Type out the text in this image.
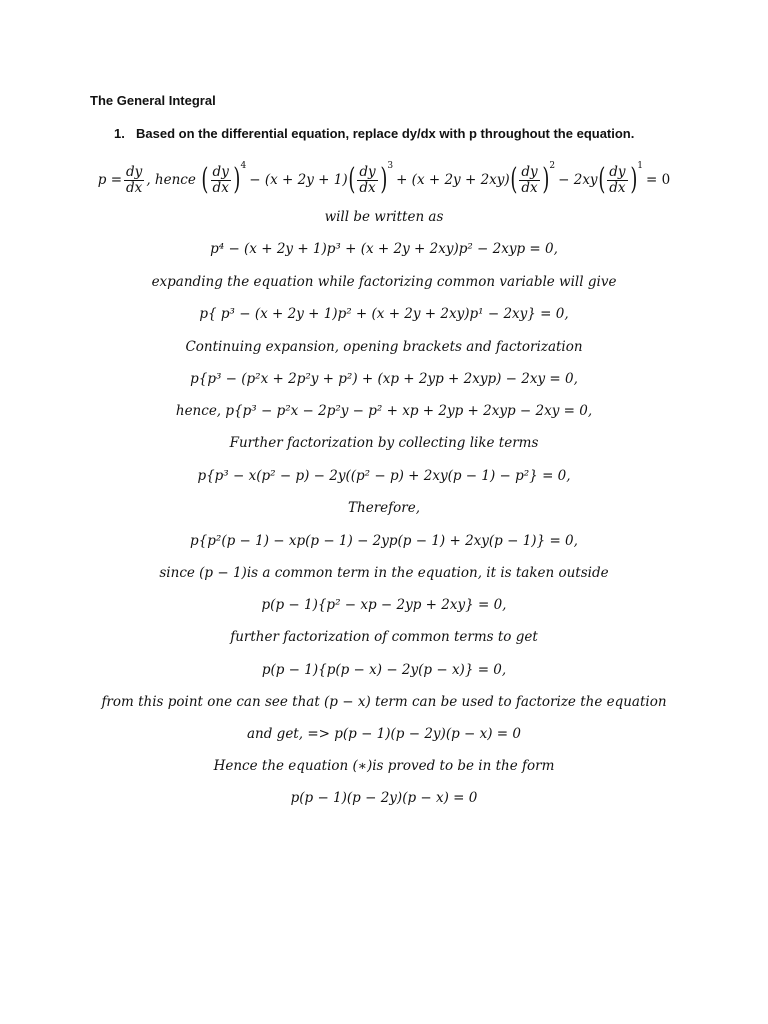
The General Integral
1. Based on the differential equation, replace dy/dx with p throughout the equation.
$p = \frac{dy}{dx}$ , hence ( $\frac{dy}{dx}$ ) 4
− (x + 2y + 1) ( $\frac{dy}{dx}$ ) 3
+ (x + 2y + 2xy) ( $\frac{dy}{dx}$ ) 2
− 2xy ( $\frac{dy}{dx}$ ) 1
= 0
will be written as
p⁴ − (x + 2y + 1)p³ + (x + 2y + 2xy)p² − 2xyp = 0,
expanding the equation while factorizing common variable will give
p{ p³ − (x + 2y + 1)p² + (x + 2y + 2xy)p¹ − 2xy} = 0,
Continuing expansion, opening brackets and factorization
p{p³ − (p²x + 2p²y + p²) + (xp + 2yp + 2xyp) − 2xy = 0,
hence, p{p³ − p²x − 2p²y − p² + xp + 2yp + 2xyp − 2xy = 0,
Further factorization by collecting like terms
p{p³ − x(p² − p) − 2y((p² − p) + 2xy(p − 1) − p²} = 0,
Therefore,
p{p²(p − 1) − xp(p − 1) − 2yp(p − 1) + 2xy(p − 1)} = 0,
since (p − 1)is a common term in the equation, it is taken outside
p(p − 1){p² − xp − 2yp + 2xy} = 0,
further factorization of common terms to get
p(p − 1){p(p − x) − 2y(p − x)} = 0,
from this point one can see that (p − x) term can be used to factorize the equation
and get, => p(p − 1)(p − 2y)(p − x) = 0
Hence the equation (∗)is proved to be in the form
p(p − 1)(p − 2y)(p − x) = 0
